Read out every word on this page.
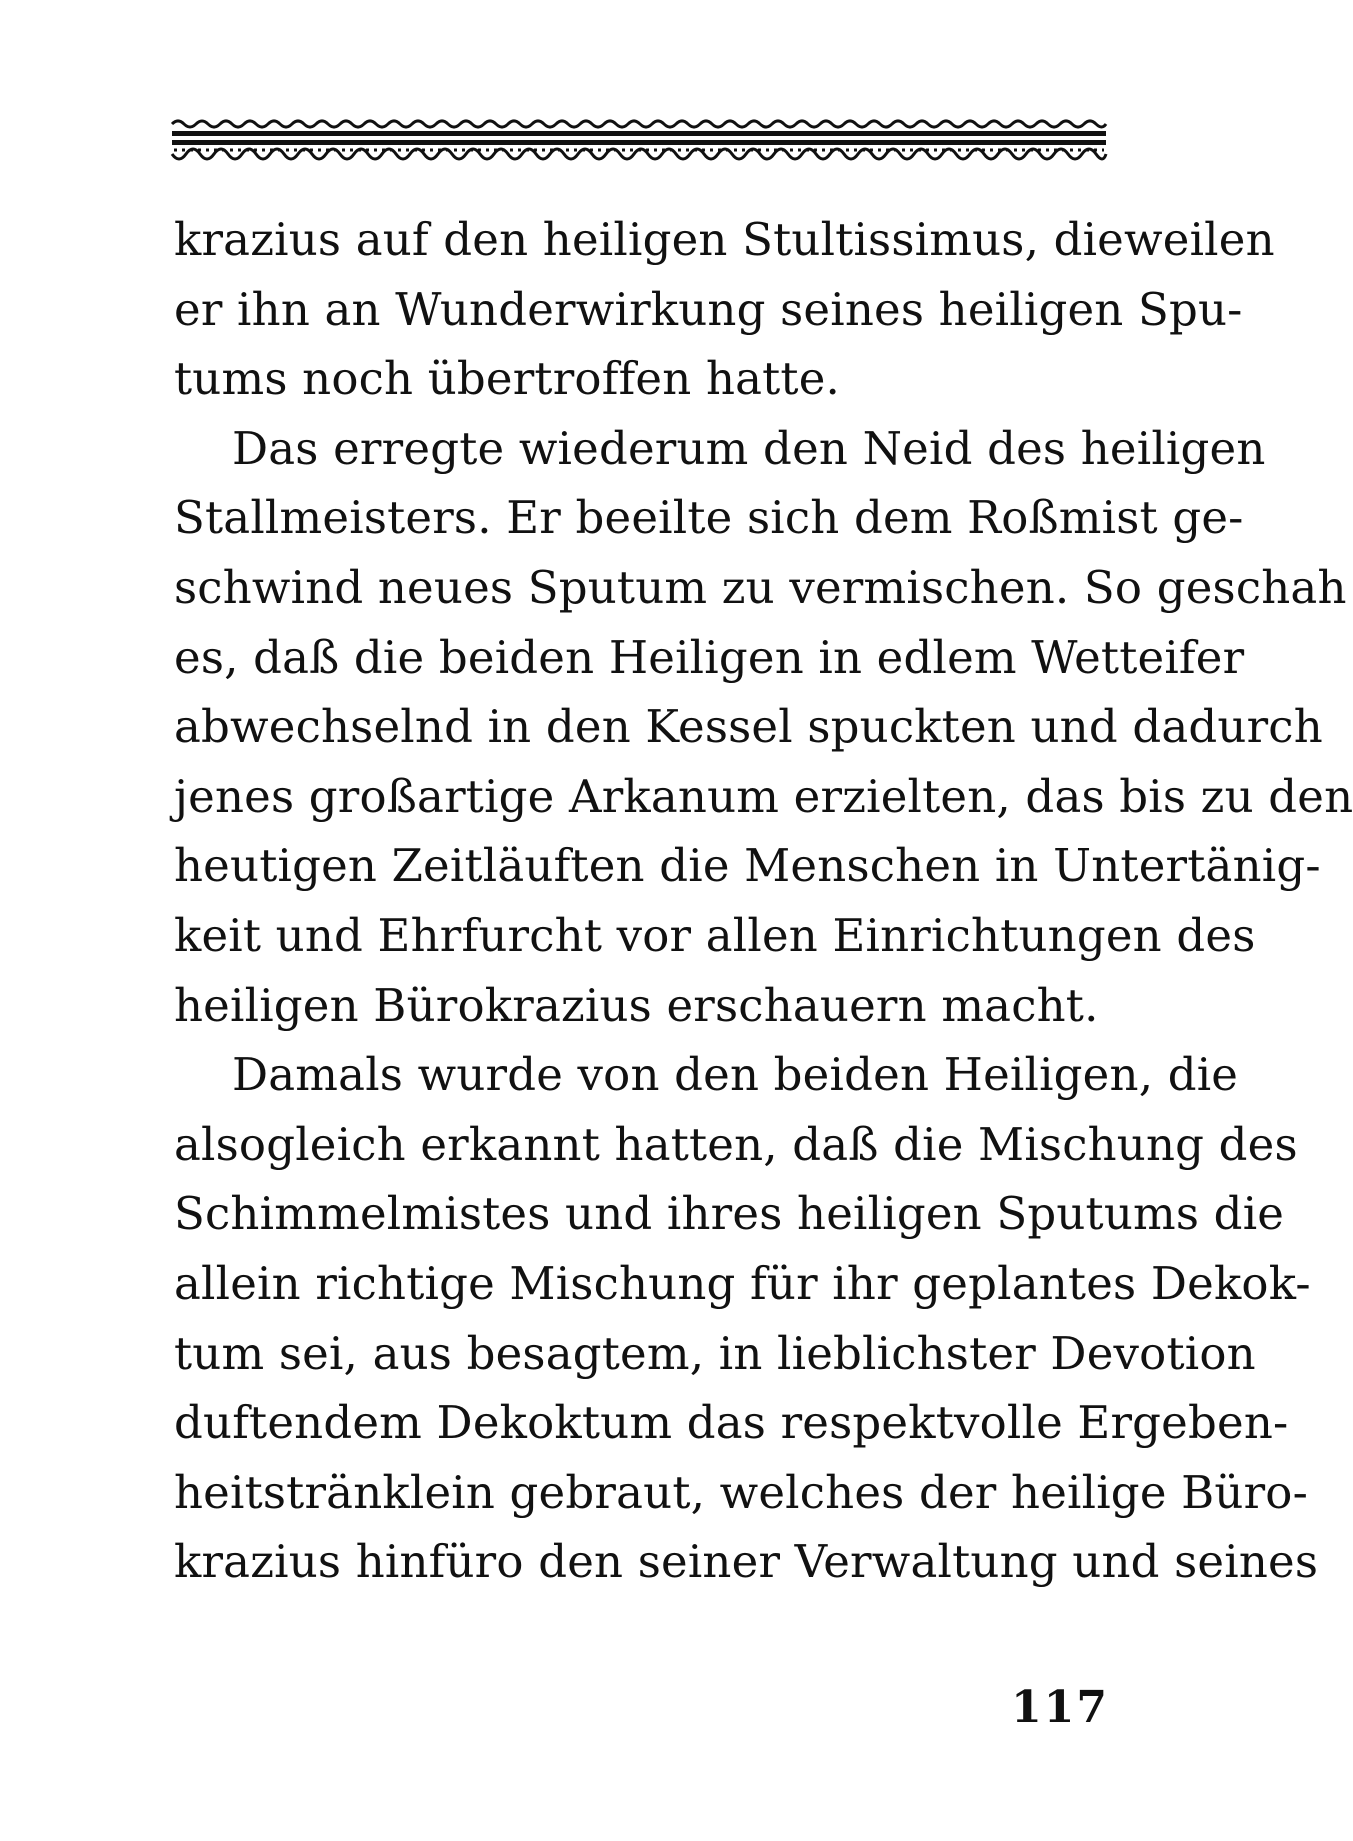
krazius auf den heiligen Stultissimus, dieweilen
er ihn an Wunderwirkung seines heiligen Spu-
tums noch übertroffen hatte.
Das erregte wiederum den Neid des heiligen
Stallmeisters. Er beeilte sich dem Roßmist ge-
schwind neues Sputum zu vermischen. So geschah
es, daß die beiden Heiligen in edlem Wetteifer
abwechselnd in den Kessel spuckten und dadurch
jenes großartige Arkanum erzielten, das bis zu den
heutigen Zeitläuften die Menschen in Untertänig-
keit und Ehrfurcht vor allen Einrichtungen des
heiligen Bürokrazius erschauern macht.
Damals wurde von den beiden Heiligen, die
alsogleich erkannt hatten, daß die Mischung des
Schimmelmistes und ihres heiligen Sputums die
allein richtige Mischung für ihr geplantes Dekok-
tum sei, aus besagtem, in lieblichster Devotion
duftendem Dekoktum das respektvolle Ergeben-
heitstränklein gebraut, welches der heilige Büro-
krazius hinfüro den seiner Verwaltung und seines
117
